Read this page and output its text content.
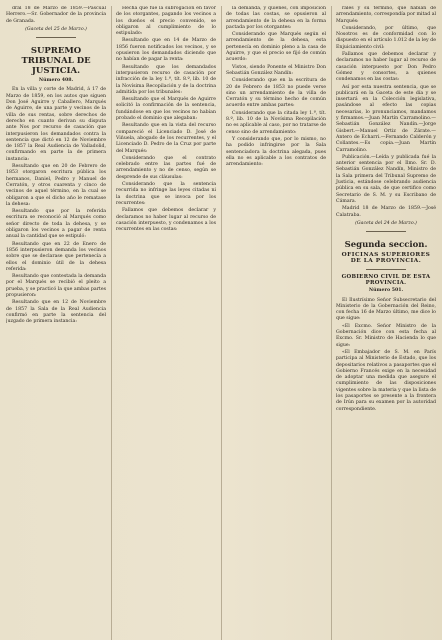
dral 18 de Marzo de 1859.—Pascual Herrero.—Sr. Gobernador de la provincia de Granada.

(Gaceta del 25 de Marzo.)
SUPREMO TRIBUNAL DE JUSTICIA.
Número 408.

En la villa y corte de Madrid, á 17 de Marzo de 1859, en los autos que siguen Don José Aguirre y Caballero, Marqués de Aguirre, de una parte y vecinos de la villa de sus rentas, sobre derechos de derecho en cuanto derivan su disputa ante Nos por recurso de casación que interpusieron los demandados contra la sentencia que dictó en 12 de Noviembre de 1857 la Real Audiencia de Valladolid, confirmando en parte la de primera instancia:

Resultando que en 20 de Febrero de 1853 otorgaron escritura pública los hermanos, Daniel, Pedro y Manuel de Cerratón, y otros cuarenta y cinco de vecinos de aquel término, en la cual se obligaron a que el dicho año le rematase la dehesa:

Resultando que por la referida escritura se reconoció al Marqués como señor directo de toda la dehesa, y se obligaron los vecinos a pagar de renta anual la cantidad que se estipuló:

Resultando que en 22 de Enero de 1856 interpusieron demanda los vecinos sobre que se declarase que pertenecía a ellos el dominio útil de la dehesa referida:

Resultando que contestada la demanda por el Marqués se recibió el pleito a prueba, y se practicó la que ambas partes propusieron:

Resultando que en 12 de Noviembre de 1857 la Sala de la Real Audiencia confirmó en parte la sentencia del juzgado de primera instancia:

Hecha que fué la subrogación en favor de los otorgantes, pagando los vecinos a los dueños el precio convenido, se obligaron al cumplimiento de lo estipulado:

Resultando que en 14 de Marzo de 1856 fueron notificados los vecinos, y se opusieron los demandados diciendo que no habían de pagar la renta:

Resultando que los demandados interpusieron recurso de casación por infracción de la ley 1.ª, tít. 8.º, lib. 10 de la Novísima Recopilación y de la doctrina admitida por los tribunales:

Resultando que el Marqués de Aguirre solicitó la confirmación de la sentencia, fundándose en que los vecinos no habían probado el dominio que alegaban:

Resultando que en la vista del recurso compareció el Licenciado D. José de Viñuela, abogado de los recurrentes, y el Licenciado D. Pedro de la Cruz por parte del Marqués:

Considerando que el contrato celebrado entre las partes fué de arrendamiento y no de censo, según se desprende de sus cláusulas:

Considerando que la sentencia recurrida no infringe las leyes citadas ni la doctrina que se invoca por los recurrentes:

Fallamos que debemos declarar y declaramos no haber lugar al recurso de casación interpuesto, y condenamos a los recurrentes en las costas:

la demanda, y quienes, con imposición de todas las costas, se opusieron al arrendamiento de la dehesa en la forma pactada por los otorgantes:

Considerando que Marqués según el arrendamiento de la dehesa, esta pertenecía en dominio pleno a la casa de Aguirre, y que el precio se fijó de común acuerdo:

Vistos, siendo Ponente el Ministro Don Sebastián González Nandín:

Considerando que en la escritura de 20 de Febrero de 1853 no puede verse sino un arrendamiento de la villa de Cerratón y su término hecho de común acuerdo entre ambas partes:

Considerando que la citada ley 1.ª, tít. 8.º, lib. 10 de la Novísima Recopilación no es aplicable al caso, por no tratarse de censo sino de arrendamiento:

Y considerando que, por lo mismo, no ha podido infringirse por la Sala sentenciadora la doctrina alegada, pues ella no es aplicable a los contratos de arrendamiento:

rales y su término, que habían de arrendamiento, correspondía por mitad al Marqués:

Considerando, por último, que Nosotros es de conformidad con lo dispuesto en el artículo 1.012 de la ley de Enjuiciamiento civil:

Fallamos que debemos declarar y declaramos no haber lugar al recurso de casación interpuesto por Don Pedro Gómez y consortes, a quienes condenamos en las costas:

Así por esta nuestra sentencia, que se publicará en la Gaceta de este día y se insertará en la Colección legislativa, pasándose al efecto las copias necesarias, lo pronunciamos, mandamos y firmamos.—Juan Martín Carramolino.—Sebastián González Nandín.—Jorge Gisbert.—Manuel Ortiz de Zárate.—Antero de Echarri.—Fernando Calderón y Collantes.—Es copia.—Juan Martín Carramolino.

Publicación.—Leída y publicada fué la anterior sentencia por el Ilmo. Sr. D. Sebastián González Nandín, Ministro de la Sala primera del Tribunal Supremo de Justicia, estándose celebrando audiencia pública en su sala, de que certifico como Secretario de S. M. y su Escribano de Cámara.

Madrid 18 de Marzo de 1859.—José Calatraba.

(Gaceta del 24 de Marzo.)
Segunda seccion.
OFICINAS SUPERIORES DE LA PROVINCIA.
GOBIERNO CIVIL DE ESTA PROVINCIA.
Número 501.

El Ilustrísimo Señor Subsecretario del Ministerio de la Gobernación del Reino, con fecha 16 de Marzo último, me dice lo que sigue:

«El Excmo. Señor Ministro de la Gobernación dice con esta fecha al Excmo. Sr. Ministro de Hacienda lo que sigue:

«El Embajador de S. M. en París participa al Ministerio de Estado, que los depositarios relativos a pasaportes que el Gobierno Francés exige en la necesidad de adoptar una medida que asegure el cumplimiento de las disposiciones vigentes sobre la materia y que la lista de los pasaportes se presente a la frontera de Irún para su examen por la autoridad correspondiente.
